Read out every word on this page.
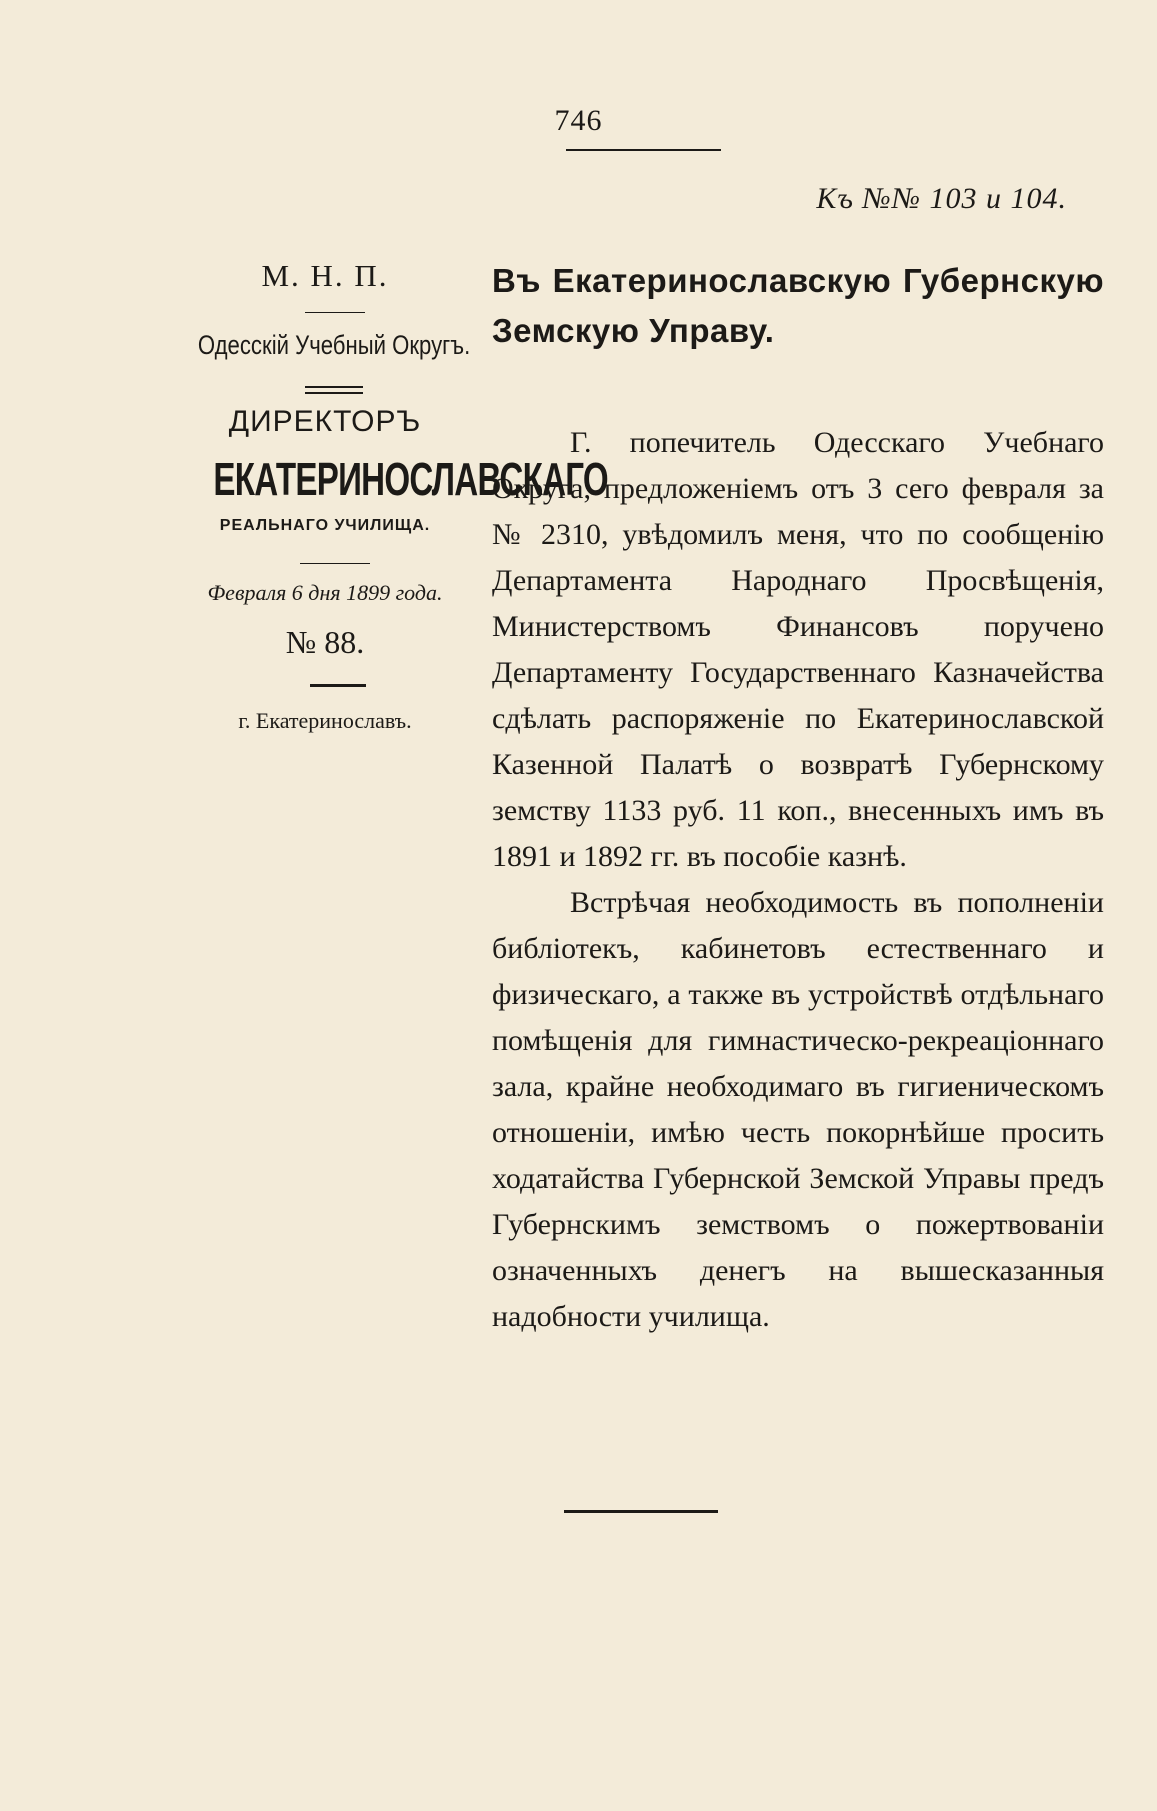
746
Къ №№ 103 и 104.
М. Н. П.
Одесскій Учебный Округъ.
ДИРЕКТОРЪ
ЕКАТЕРИНОСЛАВСКАГО
РЕАЛЬНАГО УЧИЛИЩА.
Февраля 6 дня 1899 года.
№ 88.
г. Екатеринославъ.
Въ Екатеринославскую Губернскую
Земскую Управу.

Г. попечитель Одесскаго Учебнаго Округа, предложеніемъ отъ 3 сего февраля за № 2310, увѣдомилъ меня, что по сообщенію Департамента Народнаго Просвѣщенія, Министерствомъ Финансовъ поручено Департаменту Государственнаго Казначейства сдѣлать распоряженіе по Екатеринославской Казенной Палатѣ о возвратѣ Губернскому земству 1133 руб. 11 коп., внесенныхъ имъ въ 1891 и 1892 гг. въ пособіе казнѣ.

Встрѣчая необходимость въ пополненіи библіотекъ, кабинетовъ естественнаго и физическаго, а также въ устройствѣ отдѣльнаго помѣщенія для гимнастическо-рекреаціоннаго зала, крайне необходимаго въ гигиеническомъ отношеніи, имѣю честь покорнѣйше просить ходатайства Губернской Земской Управы предъ Губернскимъ земствомъ о пожертвованіи означенныхъ денегъ на вышесказанныя надобности училища.
